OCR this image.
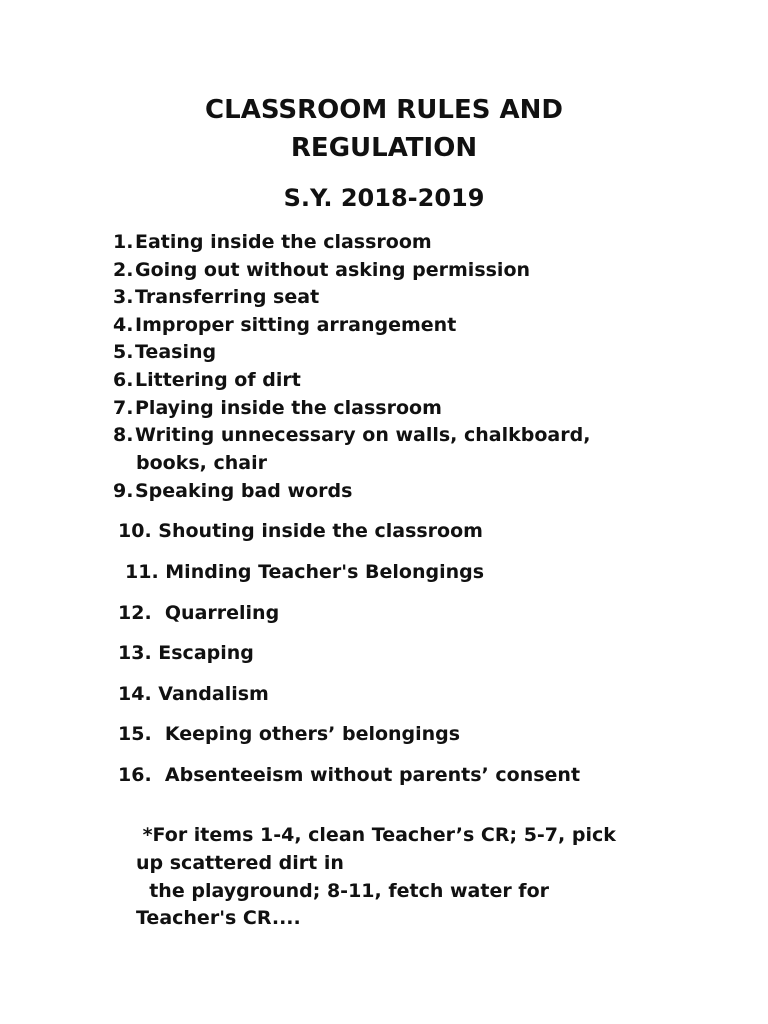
CLASSROOM RULES AND
REGULATION
S.Y. 2018-2019
1.Eating inside the classroom
2.Going out without asking permission
3.Transferring seat
4.Improper sitting arrangement
5.Teasing
6.Littering of dirt
7.Playing inside the classroom
8.Writing unnecessary on walls, chalkboard,
books, chair
9.Speaking bad words
10. Shouting inside the classroom
11. Minding Teacher's Belongings
12.  Quarreling
13. Escaping
14. Vandalism
15.  Keeping others’ belongings
16.  Absenteeism without parents’ consent
*For items 1-4, clean Teacher’s CR; 5-7, pick
up scattered dirt in
the playground; 8-11, fetch water for
Teacher's CR....
